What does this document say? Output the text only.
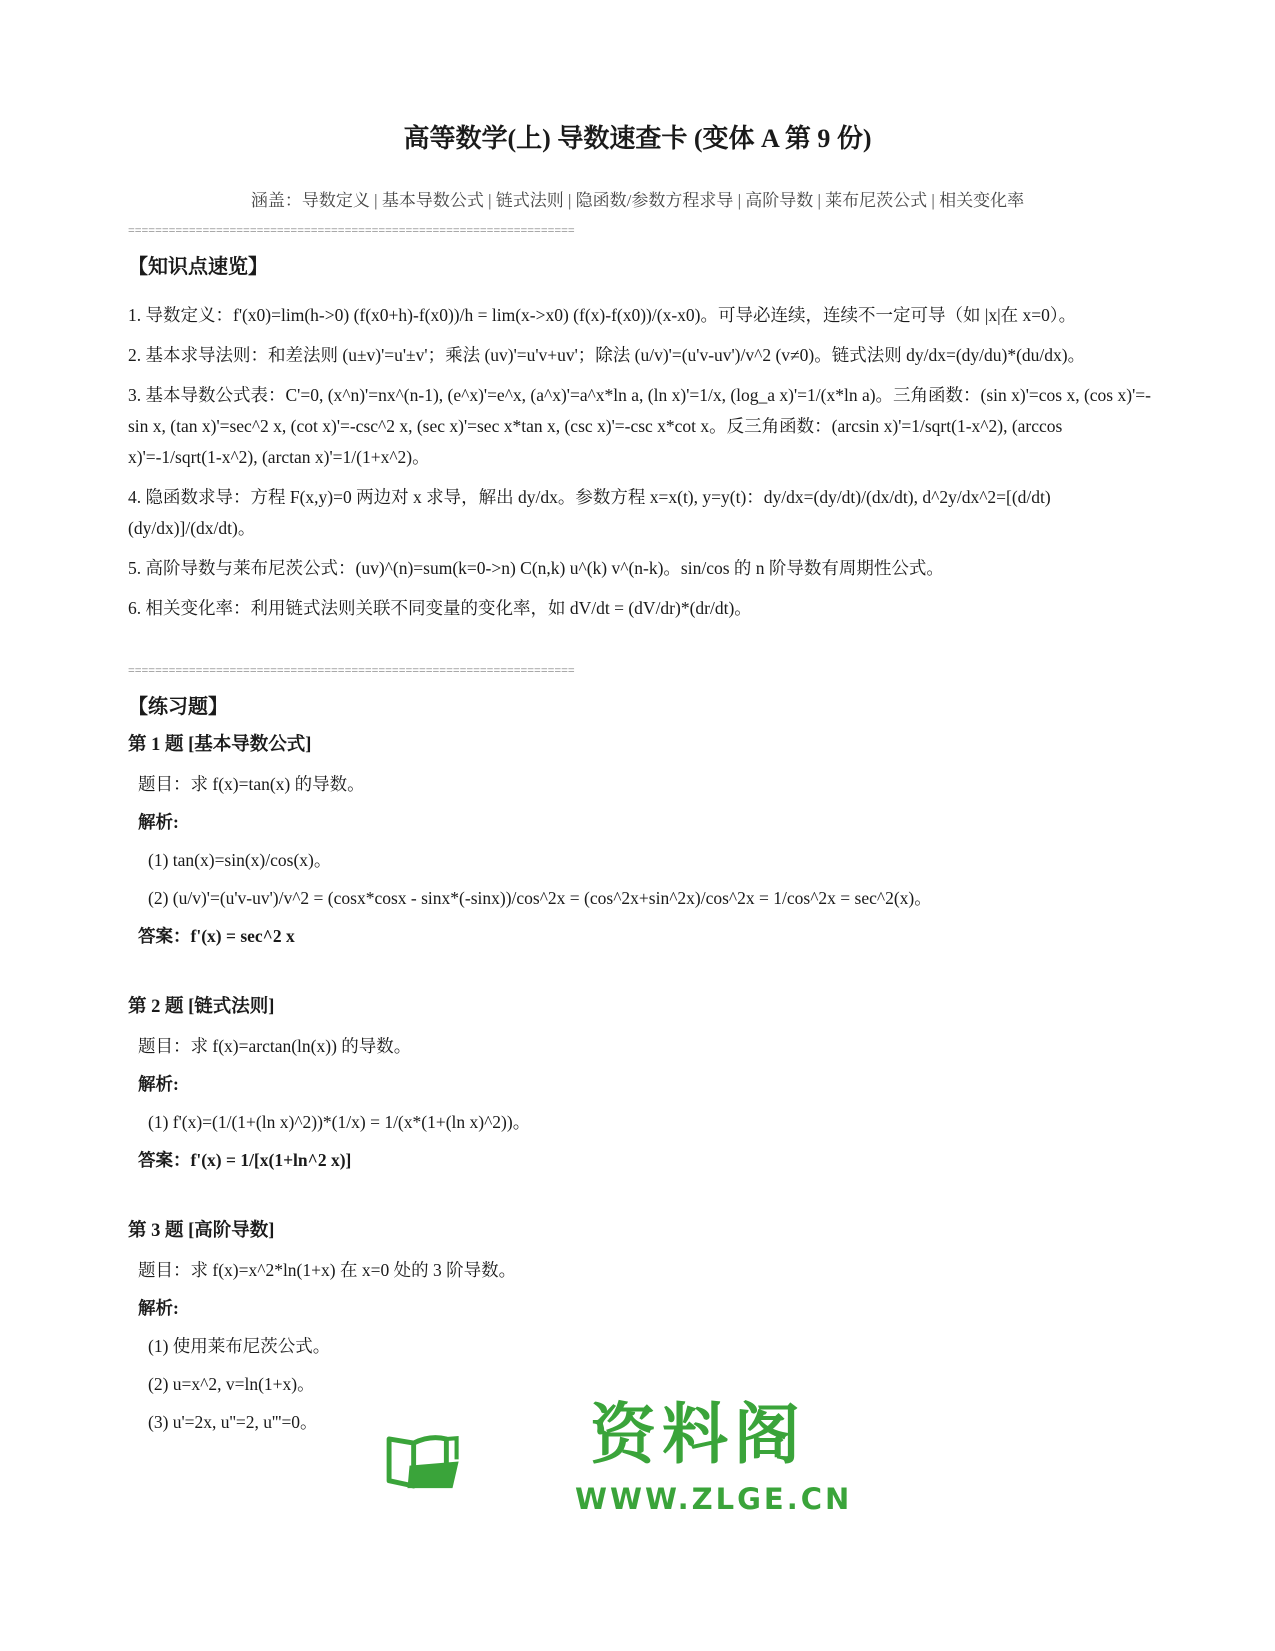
高等数学(上) 导数速查卡 (变体 A 第 9 份)

涵盖：导数定义 | 基本导数公式 | 链式法则 | 隐函数/参数方程求导 | 高阶导数 | 莱布尼茨公式 | 相关变化率

==================================================================

【知识点速览】

1. 导数定义：f'(x0)=lim(h->0) (f(x0+h)-f(x0))/h = lim(x->x0) (f(x)-f(x0))/(x-x0)。可导必连续，连续不一定可导（如 |x|在 x=0）。

2. 基本求导法则：和差法则 (u±v)'=u'±v'；乘法 (uv)'=u'v+uv'；除法 (u/v)'=(u'v-uv')/v^2 (v≠0)。链式法则 dy/dx=(dy/du)*(du/dx)。

3. 基本导数公式表：C'=0, (x^n)'=nx^(n-1), (e^x)'=e^x, (a^x)'=a^x*ln a, (ln x)'=1/x, (log_a x)'=1/(x*ln a)。三角函数：(sin x)'=cos x, (cos x)'=-sin x, (tan x)'=sec^2 x, (cot x)'=-csc^2 x, (sec x)'=sec x*tan x, (csc x)'=-csc x*cot x。反三角函数：(arcsin x)'=1/sqrt(1-x^2), (arccos x)'=-1/sqrt(1-x^2), (arctan x)'=1/(1+x^2)。

4. 隐函数求导：方程 F(x,y)=0 两边对 x 求导，解出 dy/dx。参数方程 x=x(t), y=y(t)：dy/dx=(dy/dt)/(dx/dt), d^2y/dx^2=[(d/dt)(dy/dx)]/(dx/dt)。

5. 高阶导数与莱布尼茨公式：(uv)^(n)=sum(k=0->n) C(n,k) u^(k) v^(n-k)。sin/cos 的 n 阶导数有周期性公式。

6. 相关变化率：利用链式法则关联不同变量的变化率，如 dV/dt = (dV/dr)*(dr/dt)。

==================================================================

【练习题】

第 1 题 [基本导数公式]

题目：求 f(x)=tan(x) 的导数。

解析:

(1) tan(x)=sin(x)/cos(x)。

(2) (u/v)'=(u'v-uv')/v^2 = (cosx*cosx - sinx*(-sinx))/cos^2x = (cos^2x+sin^2x)/cos^2x = 1/cos^2x = sec^2(x)。

答案：f'(x) = sec^2 x

第 2 题 [链式法则]

题目：求 f(x)=arctan(ln(x)) 的导数。

解析:

(1) f'(x)=(1/(1+(ln x)^2))*(1/x) = 1/(x*(1+(ln x)^2))。

答案：f'(x) = 1/[x(1+ln^2 x)]

第 3 题 [高阶导数]

题目：求 f(x)=x^2*ln(1+x) 在 x=0 处的 3 阶导数。

解析:

(1) 使用莱布尼茨公式。

(2) u=x^2, v=ln(1+x)。

(3) u'=2x, u''=2, u'''=0。	资料阁

WWW.ZLGE.CN
